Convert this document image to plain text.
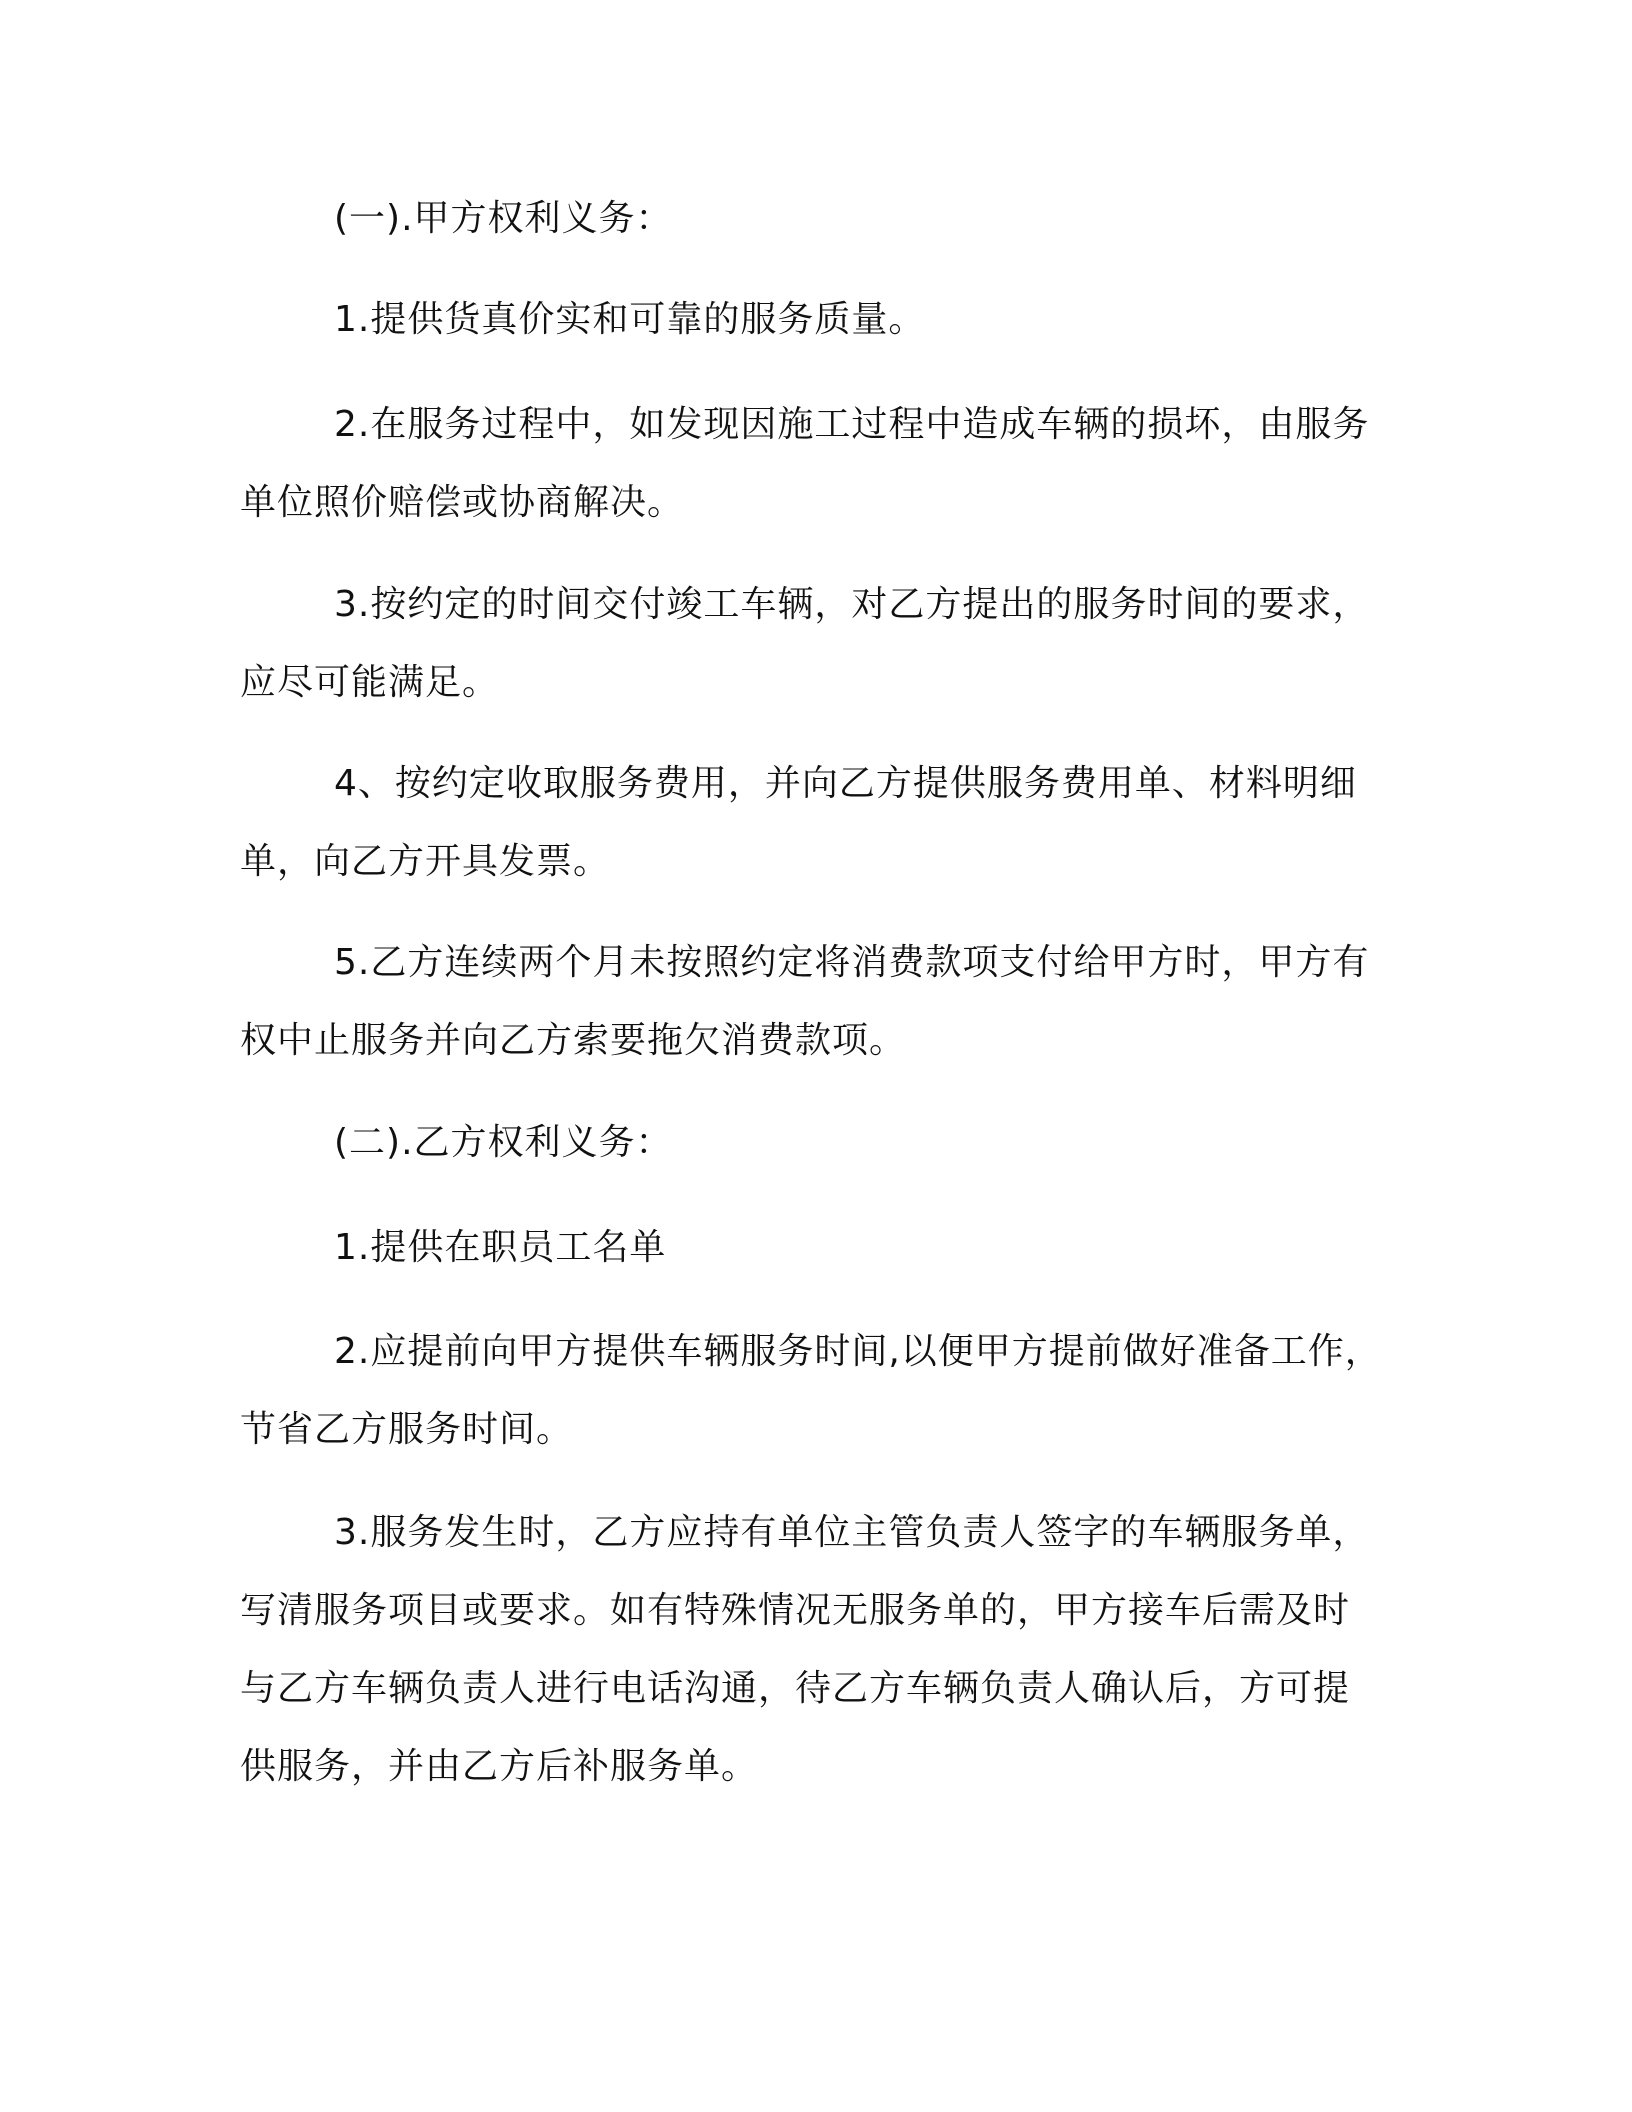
(一).甲方权利义务：
1.提供货真价实和可靠的服务质量。
2.在服务过程中，如发现因施工过程中造成车辆的损坏，由服务
单位照价赔偿或协商解决。
3.按约定的时间交付竣工车辆，对乙方提出的服务时间的要求，
应尽可能满足。
4、按约定收取服务费用，并向乙方提供服务费用单、材料明细
单，向乙方开具发票。
5.乙方连续两个月未按照约定将消费款项支付给甲方时，甲方有
权中止服务并向乙方索要拖欠消费款项。
(二).乙方权利义务：
1.提供在职员工名单
2.应提前向甲方提供车辆服务时间,以便甲方提前做好准备工作，
节省乙方服务时间。
3.服务发生时，乙方应持有单位主管负责人签字的车辆服务单，
写清服务项目或要求。如有特殊情况无服务单的，甲方接车后需及时
与乙方车辆负责人进行电话沟通，待乙方车辆负责人确认后，方可提
供服务，并由乙方后补服务单。
